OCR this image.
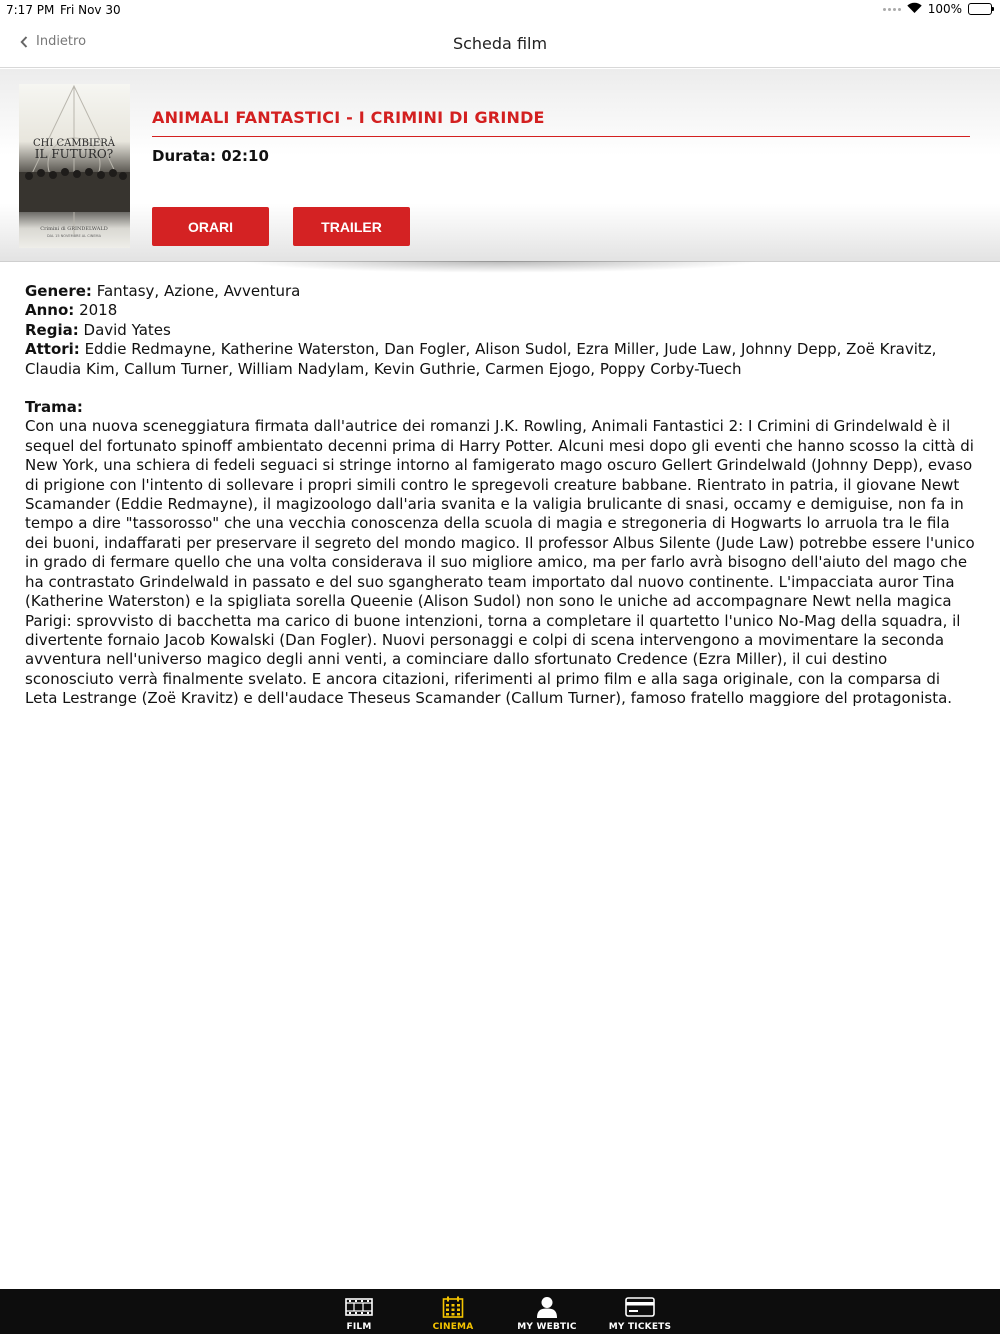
7:17 PM Fri Nov 30	100%
Indietro	Scheda film
CHI CAMBIERÀ
IL FUTURO?
Crimini di GRINDELWALD
DAL 15 NOVEMBRE AL CINEMA
ANIMALI FANTASTICI - I CRIMINI DI GRINDE
Durata: 02:10
ORARI	TRAILER
Genere: Fantasy, Azione, Avventura
Anno: 2018
Regia: David Yates
Attori: Eddie Redmayne, Katherine Waterston, Dan Fogler, Alison Sudol, Ezra Miller, Jude Law, Johnny Depp, Zoë Kravitz, Claudia Kim, Callum Turner, William Nadylam, Kevin Guthrie, Carmen Ejogo, Poppy Corby-Tuech
Trama:
Con una nuova sceneggiatura firmata dall'autrice dei romanzi J.K. Rowling, Animali Fantastici 2: I Crimini di Grindelwald è il sequel del fortunato spinoff ambientato decenni prima di Harry Potter. Alcuni mesi dopo gli eventi che hanno scosso la città di New York, una schiera di fedeli seguaci si stringe intorno al famigerato mago oscuro Gellert Grindelwald (Johnny Depp), evaso di prigione con l'intento di sollevare i propri simili contro le spregevoli creature babbane. Rientrato in patria, il giovane Newt Scamander (Eddie Redmayne), il magizoologo dall'aria svanita e la valigia brulicante di snasi, occamy e demiguise, non fa in tempo a dire "tassorosso" che una vecchia conoscenza della scuola di magia e stregoneria di Hogwarts lo arruola tra le fila dei buoni, indaffarati per preservare il segreto del mondo magico. Il professor Albus Silente (Jude Law) potrebbe essere l'unico in grado di fermare quello che una volta considerava il suo migliore amico, ma per farlo avrà bisogno dell'aiuto del mago che ha contrastato Grindelwald in passato e del suo sgangherato team importato dal nuovo continente. L'impacciata auror Tina (Katherine Waterston) e la spigliata sorella Queenie (Alison Sudol) non sono le uniche ad accompagnare Newt nella magica Parigi: sprovvisto di bacchetta ma carico di buone intenzioni, torna a completare il quartetto l'unico No-Mag della squadra, il divertente fornaio Jacob Kowalski (Dan Fogler). Nuovi personaggi e colpi di scena intervengono a movimentare la seconda avventura nell'universo magico degli anni venti, a cominciare dallo sfortunato Credence (Ezra Miller), il cui destino sconosciuto verrà finalmente svelato. E ancora citazioni, riferimenti al primo film e alla saga originale, con la comparsa di Leta Lestrange (Zoë Kravitz) e dell'audace Theseus Scamander (Callum Turner), famoso fratello maggiore del protagonista.
FILM	CINEMA	MY WEBTIC	MY TICKETS
